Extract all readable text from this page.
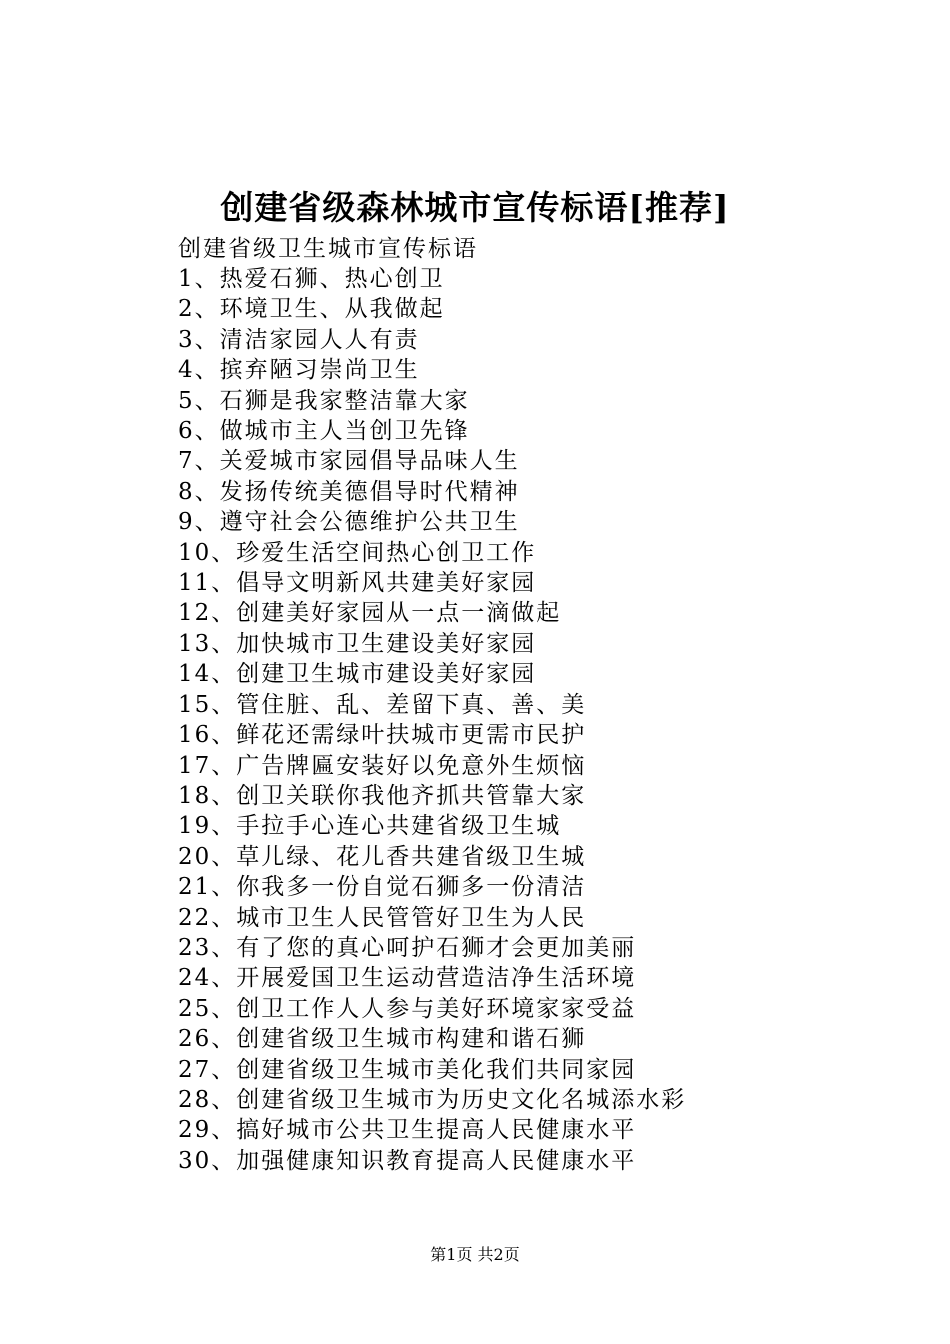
创建省级森林城市宣传标语[推荐]

创建省级卫生城市宣传标语

1、热爱石狮、热心创卫
2、环境卫生、从我做起
3、清洁家园人人有责
4、摈弃陋习崇尚卫生
5、石狮是我家整洁靠大家
6、做城市主人当创卫先锋
7、关爱城市家园倡导品味人生
8、发扬传统美德倡导时代精神
9、遵守社会公德维护公共卫生
10、珍爱生活空间热心创卫工作
11、倡导文明新风共建美好家园
12、创建美好家园从一点一滴做起
13、加快城市卫生建设美好家园
14、创建卫生城市建设美好家园
15、管住脏、乱、差留下真、善、美
16、鲜花还需绿叶扶城市更需市民护
17、广告牌匾安装好以免意外生烦恼
18、创卫关联你我他齐抓共管靠大家
19、手拉手心连心共建省级卫生城
20、草儿绿、花儿香共建省级卫生城
21、你我多一份自觉石狮多一份清洁
22、城市卫生人民管管好卫生为人民
23、有了您的真心呵护石狮才会更加美丽
24、开展爱国卫生运动营造洁净生活环境
25、创卫工作人人参与美好环境家家受益
26、创建省级卫生城市构建和谐石狮
27、创建省级卫生城市美化我们共同家园
28、创建省级卫生城市为历史文化名城添水彩
29、搞好城市公共卫生提高人民健康水平
30、加强健康知识教育提高人民健康水平
第1页 共2页
